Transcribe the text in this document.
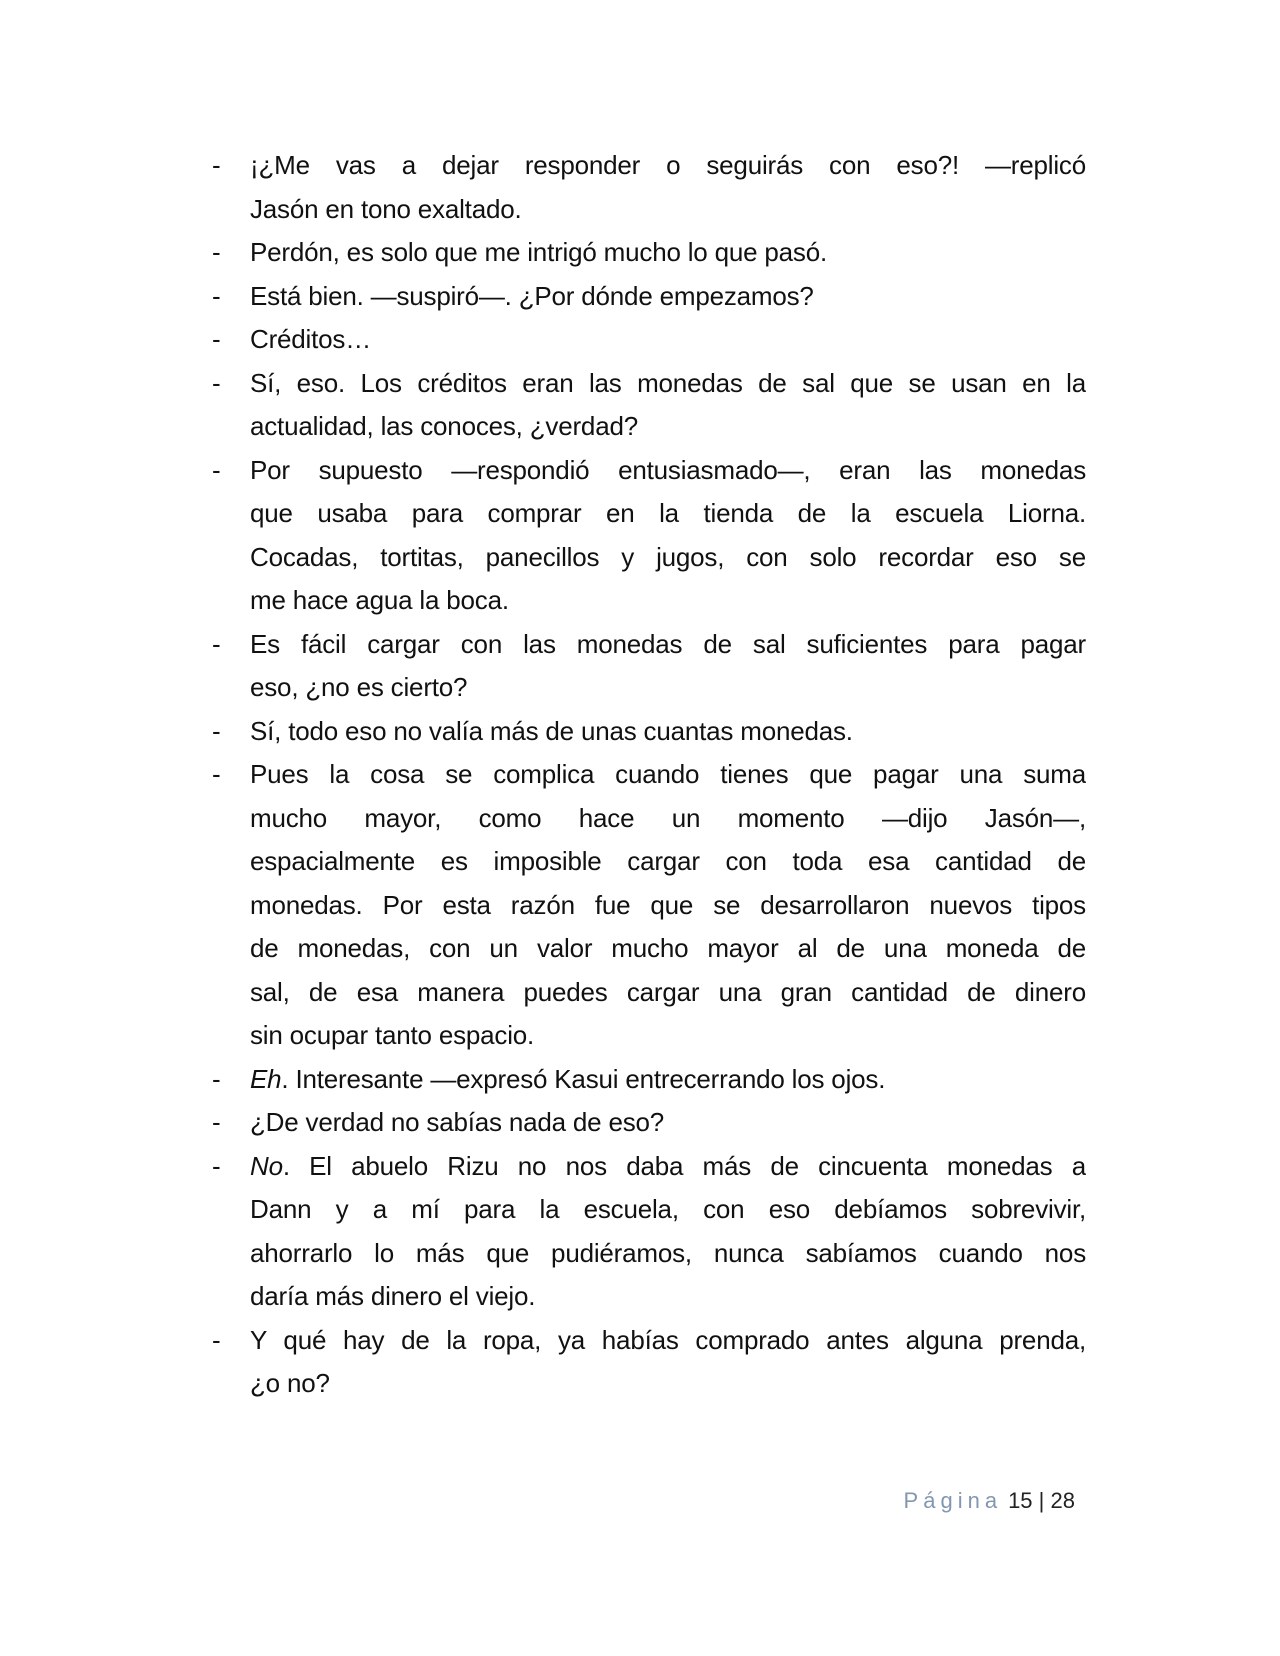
- ¡¿Me vas a dejar responder o seguirás con eso?! —replicó
Jasón en tono exaltado.
- Perdón, es solo que me intrigó mucho lo que pasó.
- Está bien. —suspiró—. ¿Por dónde empezamos?
- Créditos…
- Sí, eso. Los créditos eran las monedas de sal que se usan en la
actualidad, las conoces, ¿verdad?
- Por supuesto —respondió entusiasmado—, eran las monedas
que usaba para comprar en la tienda de la escuela Liorna.
Cocadas, tortitas, panecillos y jugos, con solo recordar eso se
me hace agua la boca.
- Es fácil cargar con las monedas de sal suficientes para pagar
eso, ¿no es cierto?
- Sí, todo eso no valía más de unas cuantas monedas.
- Pues la cosa se complica cuando tienes que pagar una suma
mucho mayor, como hace un momento —dijo Jasón—,
espacialmente es imposible cargar con toda esa cantidad de
monedas. Por esta razón fue que se desarrollaron nuevos tipos
de monedas, con un valor mucho mayor al de una moneda de
sal, de esa manera puedes cargar una gran cantidad de dinero
sin ocupar tanto espacio.
- Eh. Interesante —expresó Kasui entrecerrando los ojos.
- ¿De verdad no sabías nada de eso?
- No. El abuelo Rizu no nos daba más de cincuenta monedas a
Dann y a mí para la escuela, con eso debíamos sobrevivir,
ahorrarlo lo más que pudiéramos, nunca sabíamos cuando nos
daría más dinero el viejo.
- Y qué hay de la ropa, ya habías comprado antes alguna prenda,
¿o no?
Página 15 | 28
